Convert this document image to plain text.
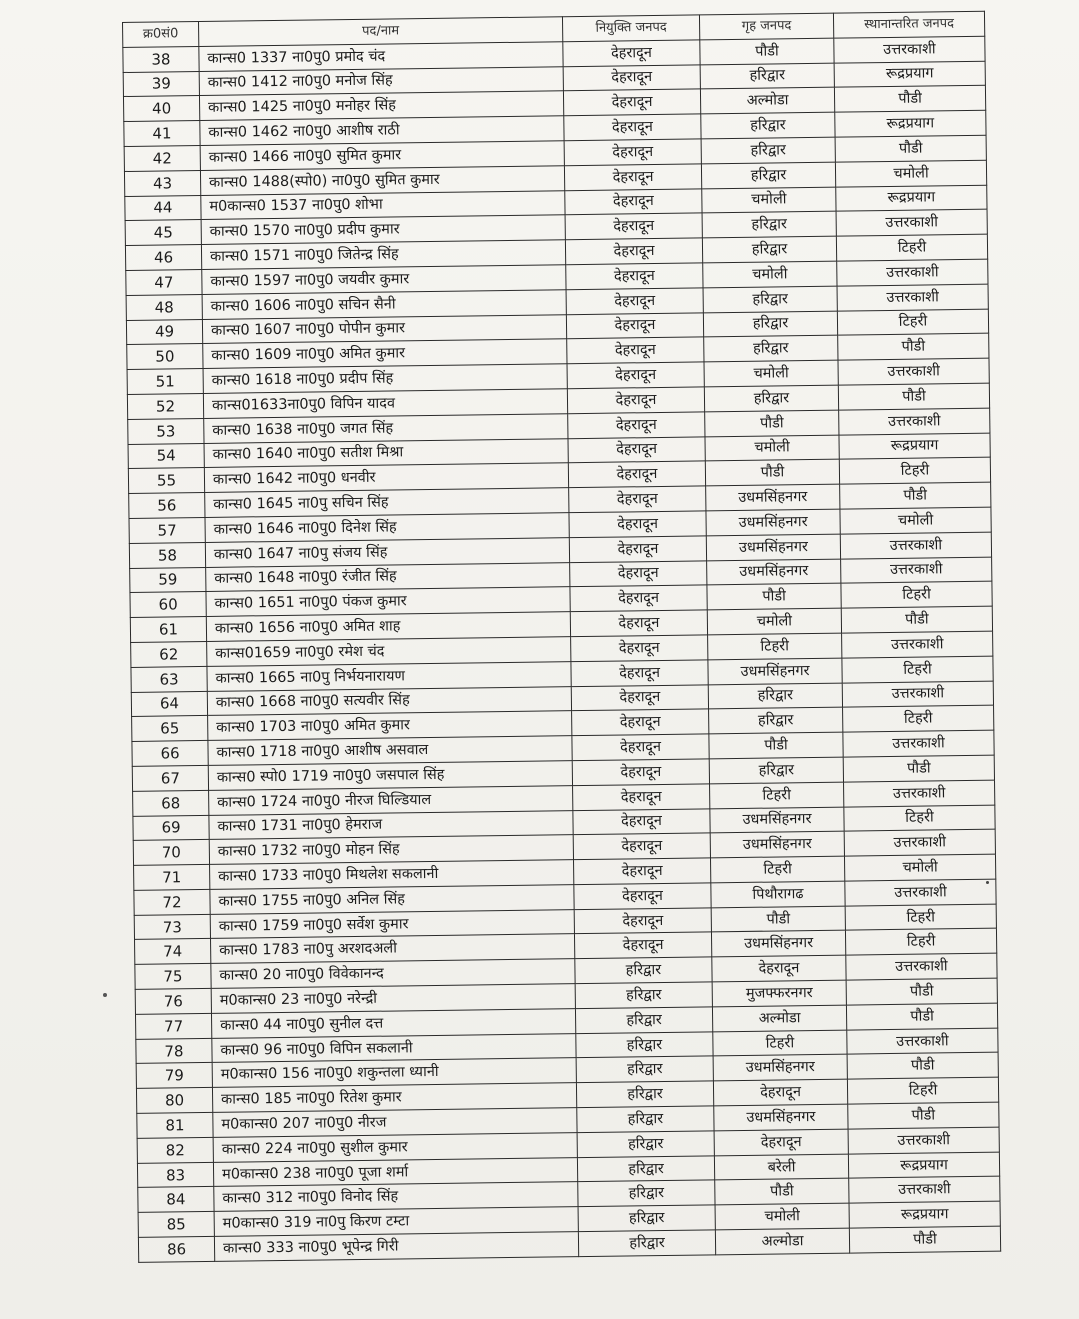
क्र0सं0	पद/नाम	नियुक्ति जनपद	गृह जनपद	स्थानान्तरित जनपद
38	कान्स0 1337 ना0पु0 प्रमोद चंद	देहरादून	पौडी	उत्तरकाशी
39	कान्स0 1412 ना0पु0 मनोज सिंह	देहरादून	हरिद्वार	रूद्रप्रयाग
40	कान्स0 1425 ना0पु0 मनोहर सिंह	देहरादून	अल्मोडा	पौडी
41	कान्स0 1462 ना0पु0 आशीष राठी	देहरादून	हरिद्वार	रूद्रप्रयाग
42	कान्स0 1466 ना0पु0 सुमित कुमार	देहरादून	हरिद्वार	पौडी
43	कान्स0 1488(स्पो0) ना0पु0 सुमित कुमार	देहरादून	हरिद्वार	चमोली
44	म0कान्स0 1537 ना0पु0 शोभा	देहरादून	चमोली	रूद्रप्रयाग
45	कान्स0 1570 ना0पु0 प्रदीप कुमार	देहरादून	हरिद्वार	उत्तरकाशी
46	कान्स0 1571 ना0पु0 जितेन्द्र सिंह	देहरादून	हरिद्वार	टिहरी
47	कान्स0 1597 ना0पु0 जयवीर कुमार	देहरादून	चमोली	उत्तरकाशी
48	कान्स0 1606 ना0पु0 सचिन सैनी	देहरादून	हरिद्वार	उत्तरकाशी
49	कान्स0 1607 ना0पु0 पोपीन कुमार	देहरादून	हरिद्वार	टिहरी
50	कान्स0 1609 ना0पु0 अमित कुमार	देहरादून	हरिद्वार	पौडी
51	कान्स0 1618 ना0पु0 प्रदीप सिंह	देहरादून	चमोली	उत्तरकाशी
52	कान्स01633ना0पु0 विपिन यादव	देहरादून	हरिद्वार	पौडी
53	कान्स0 1638 ना0पु0 जगत सिंह	देहरादून	पौडी	उत्तरकाशी
54	कान्स0 1640 ना0पु0 सतीश मिश्रा	देहरादून	चमोली	रूद्रप्रयाग
55	कान्स0 1642 ना0पु0 धनवीर	देहरादून	पौडी	टिहरी
56	कान्स0 1645 ना0पु सचिन सिंह	देहरादून	उधमसिंहनगर	पौडी
57	कान्स0 1646 ना0पु0 दिनेश सिंह	देहरादून	उधमसिंहनगर	चमोली
58	कान्स0 1647 ना0पु संजय सिंह	देहरादून	उधमसिंहनगर	उत्तरकाशी
59	कान्स0 1648 ना0पु0 रंजीत सिंह	देहरादून	उधमसिंहनगर	उत्तरकाशी
60	कान्स0 1651 ना0पु0 पंकज कुमार	देहरादून	पौडी	टिहरी
61	कान्स0 1656 ना0पु0 अमित शाह	देहरादून	चमोली	पौडी
62	कान्स01659 ना0पु0 रमेश चंद	देहरादून	टिहरी	उत्तरकाशी
63	कान्स0 1665 ना0पु निर्भयनारायण	देहरादून	उधमसिंहनगर	टिहरी
64	कान्स0 1668 ना0पु0 सत्यवीर सिंह	देहरादून	हरिद्वार	उत्तरकाशी
65	कान्स0 1703 ना0पु0 अमित कुमार	देहरादून	हरिद्वार	टिहरी
66	कान्स0 1718 ना0पु0 आशीष असवाल	देहरादून	पौडी	उत्तरकाशी
67	कान्स0 स्पो0 1719 ना0पु0 जसपाल सिंह	देहरादून	हरिद्वार	पौडी
68	कान्स0 1724 ना0पु0 नीरज घिल्डियाल	देहरादून	टिहरी	उत्तरकाशी
69	कान्स0 1731 ना0पु0 हेमराज	देहरादून	उधमसिंहनगर	टिहरी
70	कान्स0 1732 ना0पु0 मोहन सिंह	देहरादून	उधमसिंहनगर	उत्तरकाशी
71	कान्स0 1733 ना0पु0 मिथलेश सकलानी	देहरादून	टिहरी	चमोली
72	कान्स0 1755 ना0पु0 अनिल सिंह	देहरादून	पिथौरागढ	उत्तरकाशी
73	कान्स0 1759 ना0पु0 सर्वेश कुमार	देहरादून	पौडी	टिहरी
74	कान्स0 1783 ना0पु अरशदअली	देहरादून	उधमसिंहनगर	टिहरी
75	कान्स0 20 ना0पु0 विवेकानन्द	हरिद्वार	देहरादून	उत्तरकाशी
76	म0कान्स0 23 ना0पु0 नरेन्द्री	हरिद्वार	मुजफ्फरनगर	पौडी
77	कान्स0 44 ना0पु0 सुनील दत्त	हरिद्वार	अल्मोडा	पौडी
78	कान्स0 96 ना0पु0 विपिन सकलानी	हरिद्वार	टिहरी	उत्तरकाशी
79	म0कान्स0 156 ना0पु0 शकुन्तला ध्यानी	हरिद्वार	उधमसिंहनगर	पौडी
80	कान्स0 185 ना0पु0 रितेश कुमार	हरिद्वार	देहरादून	टिहरी
81	म0कान्स0 207 ना0पु0 नीरज	हरिद्वार	उधमसिंहनगर	पौडी
82	कान्स0 224 ना0पु0 सुशील कुमार	हरिद्वार	देहरादून	उत्तरकाशी
83	म0कान्स0 238 ना0पु0 पूजा शर्मा	हरिद्वार	बरेली	रूद्रप्रयाग
84	कान्स0 312 ना0पु0 विनोद सिंह	हरिद्वार	पौडी	उत्तरकाशी
85	म0कान्स0 319 ना0पु किरण टम्टा	हरिद्वार	चमोली	रूद्रप्रयाग
86	कान्स0 333 ना0पु0 भूपेन्द्र गिरी	हरिद्वार	अल्मोडा	पौडी
